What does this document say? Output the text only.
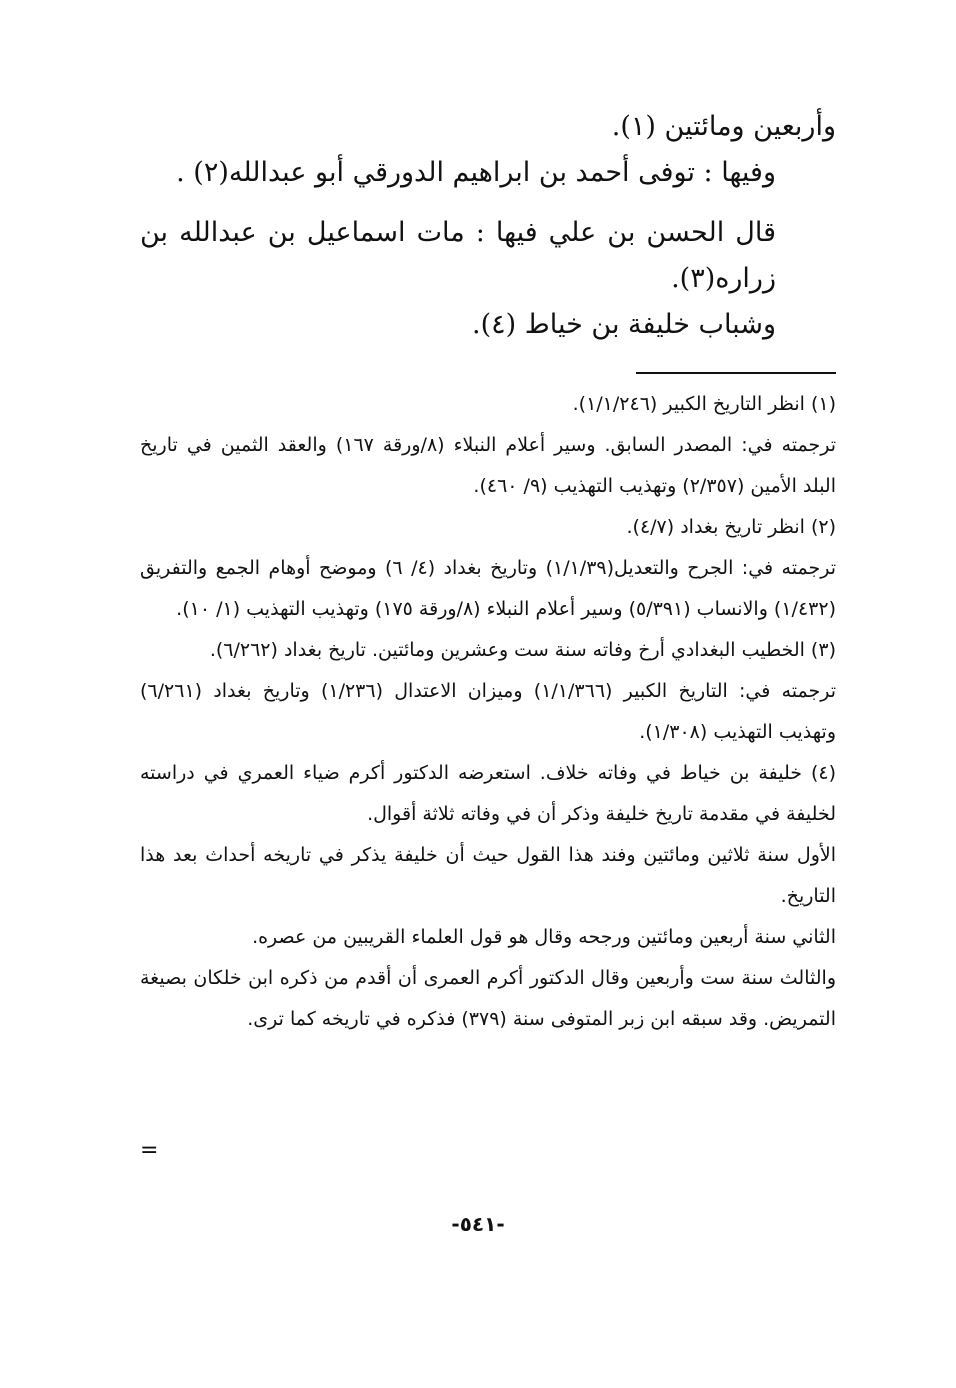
وأربعين ومائتين (١).

وفيها : توفى أحمد بن ابراهيم الدورقي أبو عبدالله(٢) .

قال الحسن بن علي فيها : مات اسماعيل بن عبدالله بن زراره(٣).

وشباب خليفة بن خياط (٤).

(١) انظر التاريخ الكبير (١/١/٢٤٦).

ترجمته في: المصدر السابق. وسير أعلام النبلاء (٨/ورقة ١٦٧) والعقد الثمين في تاريخ البلد الأمين (٢/٣٥٧) وتهذيب التهذيب (٩/ ٤٦٠).

(٢) انظر تاريخ بغداد (٤/٧).

ترجمته في: الجرح والتعديل(١/١/٣٩) وتاريخ بغداد (٤/ ٦) وموضح أوهام الجمع والتفريق (١/٤٣٢) والانساب (٥/٣٩١) وسير أعلام النبلاء (٨/ورقة ١٧٥) وتهذيب التهذيب (١/ ١٠).

(٣) الخطيب البغدادي أرخ وفاته سنة ست وعشرين ومائتين. تاريخ بغداد (٦/٢٦٢).

ترجمته في: التاريخ الكبير (١/١/٣٦٦) وميزان الاعتدال (١/٢٣٦) وتاريخ بغداد (٦/٢٦١) وتهذيب التهذيب (١/٣٠٨).

(٤) خليفة بن خياط في وفاته خلاف. استعرضه الدكتور أكرم ضياء العمري في دراسته لخليفة في مقدمة تاريخ خليفة وذكر أن في وفاته ثلاثة أقوال.

الأول سنة ثلاثين ومائتين وفند هذا القول حيث أن خليفة يذكر في تاريخه أحداث بعد هذا التاريخ.

الثاني سنة أربعين ومائتين ورجحه وقال هو قول العلماء القريبين من عصره.

والثالث سنة ست وأربعين وقال الدكتور أكرم العمرى أن أقدم من ذكره ابن خلكان بصيغة التمريض. وقد سبقه ابن زبر المتوفى سنة (٣٧٩) فذكره في تاريخه كما ترى.

=
-٥٤١-
